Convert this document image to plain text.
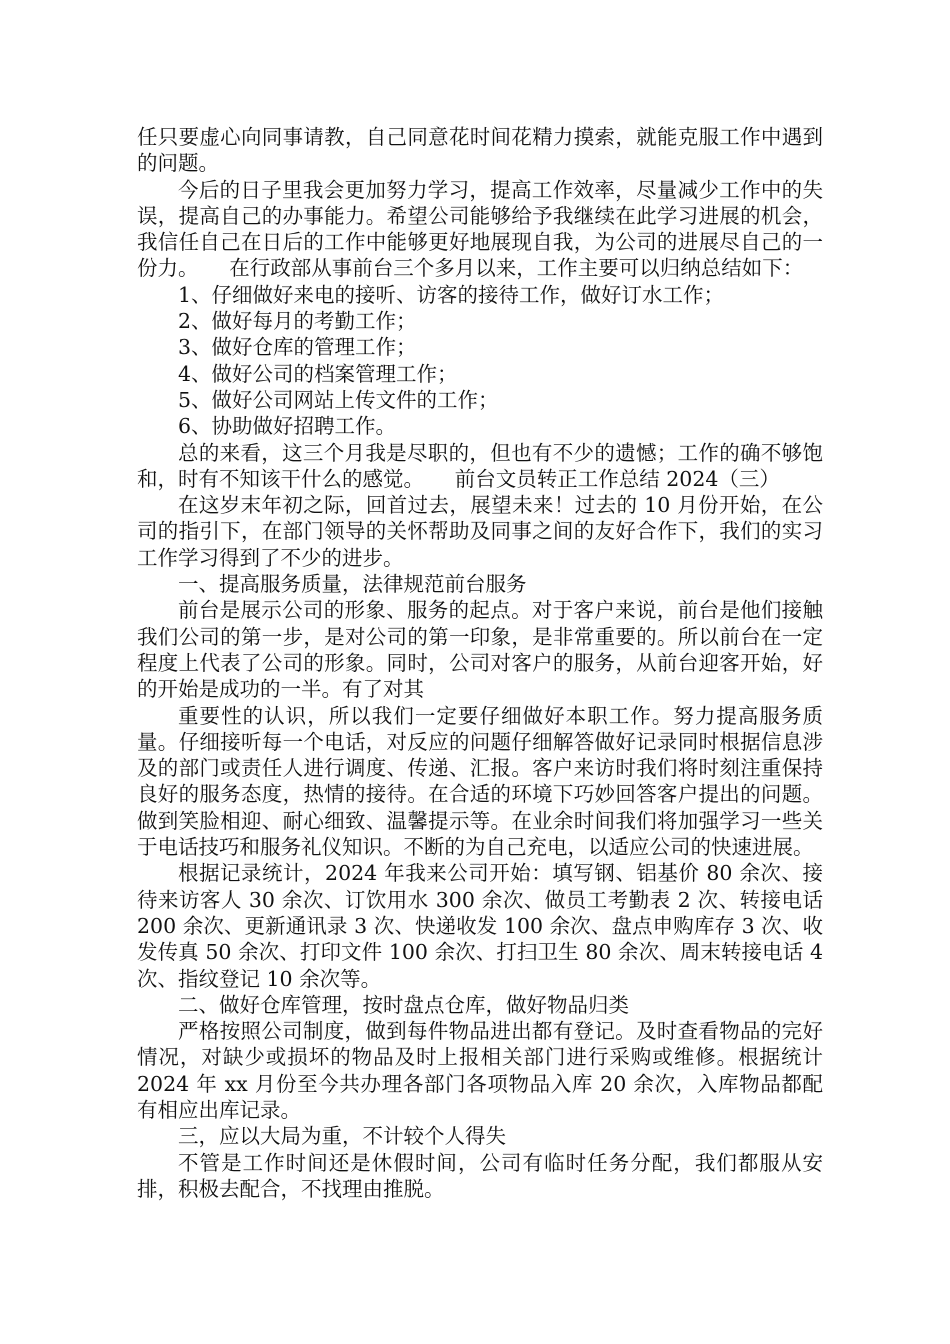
任只要虚心向同事请教，自己同意花时间花精力摸索，就能克服工作中遇到的问题。

今后的日子里我会更加努力学习，提高工作效率，尽量减少工作中的失误，提高自己的办事能力。希望公司能够给予我继续在此学习进展的机会，我信任自己在日后的工作中能够更好地展现自我，为公司的进展尽自己的一份力。　　在行政部从事前台三个多月以来，工作主要可以归纳总结如下：

1、仔细做好来电的接听、访客的接待工作，做好订水工作；

2、做好每月的考勤工作；

3、做好仓库的管理工作；

4、做好公司的档案管理工作；

5、做好公司网站上传文件的工作；

6、协助做好招聘工作。

总的来看，这三个月我是尽职的，但也有不少的遗憾；工作的确不够饱和，时有不知该干什么的感觉。　　前台文员转正工作总结 2024（三）

在这岁末年初之际，回首过去，展望未来！过去的 10 月份开始，在公司的指引下，在部门领导的关怀帮助及同事之间的友好合作下，我们的实习工作学习得到了不少的进步。

一、提高服务质量，法律规范前台服务

前台是展示公司的形象、服务的起点。对于客户来说，前台是他们接触我们公司的第一步，是对公司的第一印象，是非常重要的。所以前台在一定程度上代表了公司的形象。同时，公司对客户的服务，从前台迎客开始，好的开始是成功的一半。有了对其

重要性的认识，所以我们一定要仔细做好本职工作。努力提高服务质量。仔细接听每一个电话，对反应的问题仔细解答做好记录同时根据信息涉及的部门或责任人进行调度、传递、汇报。客户来访时我们将时刻注重保持良好的服务态度，热情的接待。在合适的环境下巧妙回答客户提出的问题。做到笑脸相迎、耐心细致、温馨提示等。在业余时间我们将加强学习一些关于电话技巧和服务礼仪知识。不断的为自己充电，以适应公司的快速进展。

根据记录统计，2024 年我来公司开始：填写钢、铝基价 80 余次、接待来访客人 30 余次、订饮用水 300 余次、做员工考勤表 2 次、转接电话 200 余次、更新通讯录 3 次、快递收发 100 余次、盘点申购库存 3 次、收发传真 50 余次、打印文件 100 余次、打扫卫生 80 余次、周末转接电话 4 次、指纹登记 10 余次等。

二、做好仓库管理，按时盘点仓库，做好物品归类

严格按照公司制度，做到每件物品进出都有登记。及时查看物品的完好情况，对缺少或损坏的物品及时上报相关部门进行采购或维修。根据统计 2024 年 xx 月份至今共办理各部门各项物品入库 20 余次，入库物品都配有相应出库记录。

三，应以大局为重，不计较个人得失

不管是工作时间还是休假时间，公司有临时任务分配，我们都服从安排，积极去配合，不找理由推脱。
